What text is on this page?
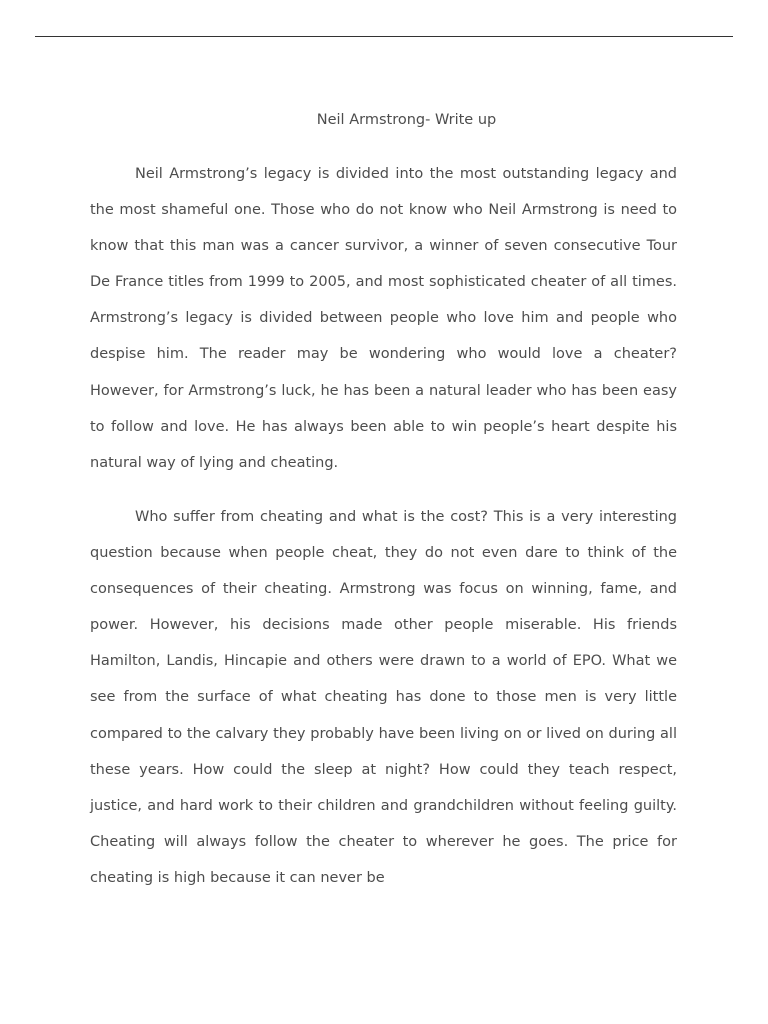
Neil Armstrong- Write up

Neil Armstrong’s legacy is divided into the most outstanding legacy and the most shameful one. Those who do not know who Neil Armstrong is need to know that this man was a cancer survivor, a winner of seven consecutive Tour De France titles from 1999 to 2005, and most sophisticated cheater of all times. Armstrong’s legacy is divided between people who love him and people who despise him. The reader may be wondering who would love a cheater? However, for Armstrong’s luck, he has been a natural leader who has been easy to follow and love. He has always been able to win people’s heart despite his natural way of lying and cheating.

Who suffer from cheating and what is the cost? This is a very interesting question because when people cheat, they do not even dare to think of the consequences of their cheating. Armstrong was focus on winning, fame, and power. However, his decisions made other people miserable. His friends Hamilton, Landis, Hincapie and others were drawn to a world of EPO. What we see from the surface of what cheating has done to those men is very little compared to the calvary they probably have been living on or lived on during all these years. How could the sleep at night? How could they teach respect, justice, and hard work to their children and grandchildren without feeling guilty. Cheating will always follow the cheater to wherever he goes. The price for cheating is high because it can never be
